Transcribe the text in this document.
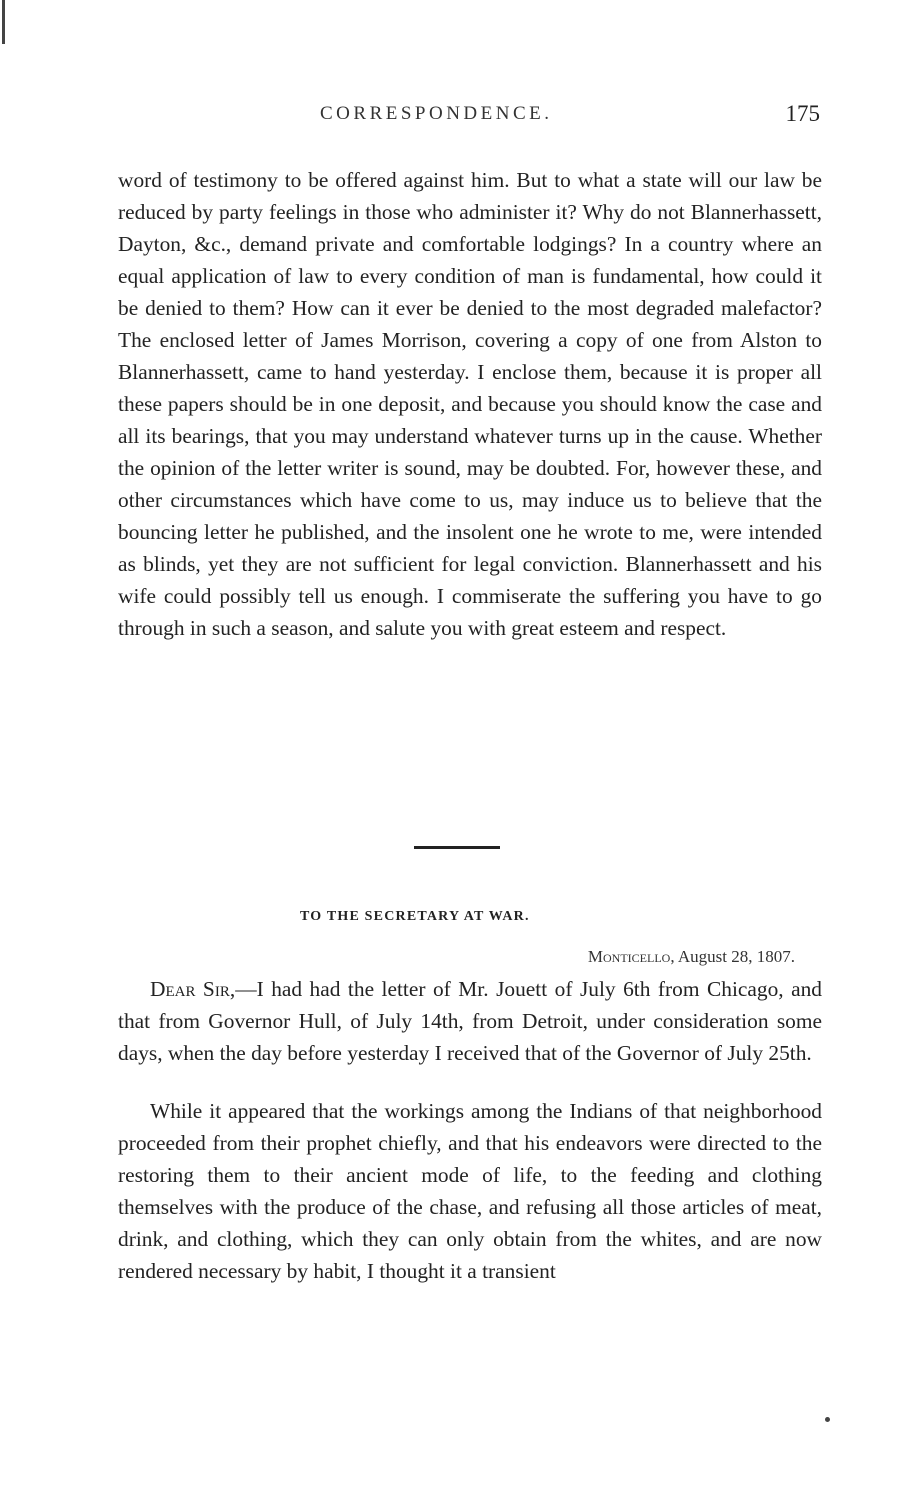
CORRESPONDENCE.	175

word of testimony to be offered against him. But to what a state will our law be reduced by party feelings in those who administer it? Why do not Blannerhassett, Dayton, &c., demand private and comfortable lodgings? In a country where an equal application of law to every condition of man is fundamental, how could it be denied to them? How can it ever be denied to the most degraded malefactor? The enclosed letter of James Morrison, covering a copy of one from Alston to Blannerhassett, came to hand yesterday. I enclose them, because it is proper all these papers should be in one deposit, and because you should know the case and all its bearings, that you may understand whatever turns up in the cause. Whether the opinion of the letter writer is sound, may be doubted. For, however these, and other circumstances which have come to us, may induce us to believe that the bouncing letter he published, and the insolent one he wrote to me, were intended as blinds, yet they are not sufficient for legal conviction. Blannerhassett and his wife could possibly tell us enough. I commiserate the suffering you have to go through in such a season, and salute you with great esteem and respect.

TO THE SECRETARY AT WAR.
Monticello, August 28, 1807.

Dear Sir,—I had had the letter of Mr. Jouett of July 6th from Chicago, and that from Governor Hull, of July 14th, from Detroit, under consideration some days, when the day before yesterday I received that of the Governor of July 25th.

While it appeared that the workings among the Indians of that neighborhood proceeded from their prophet chiefly, and that his endeavors were directed to the restoring them to their ancient mode of life, to the feeding and clothing themselves with the produce of the chase, and refusing all those articles of meat, drink, and clothing, which they can only obtain from the whites, and are now rendered necessary by habit, I thought it a transient
